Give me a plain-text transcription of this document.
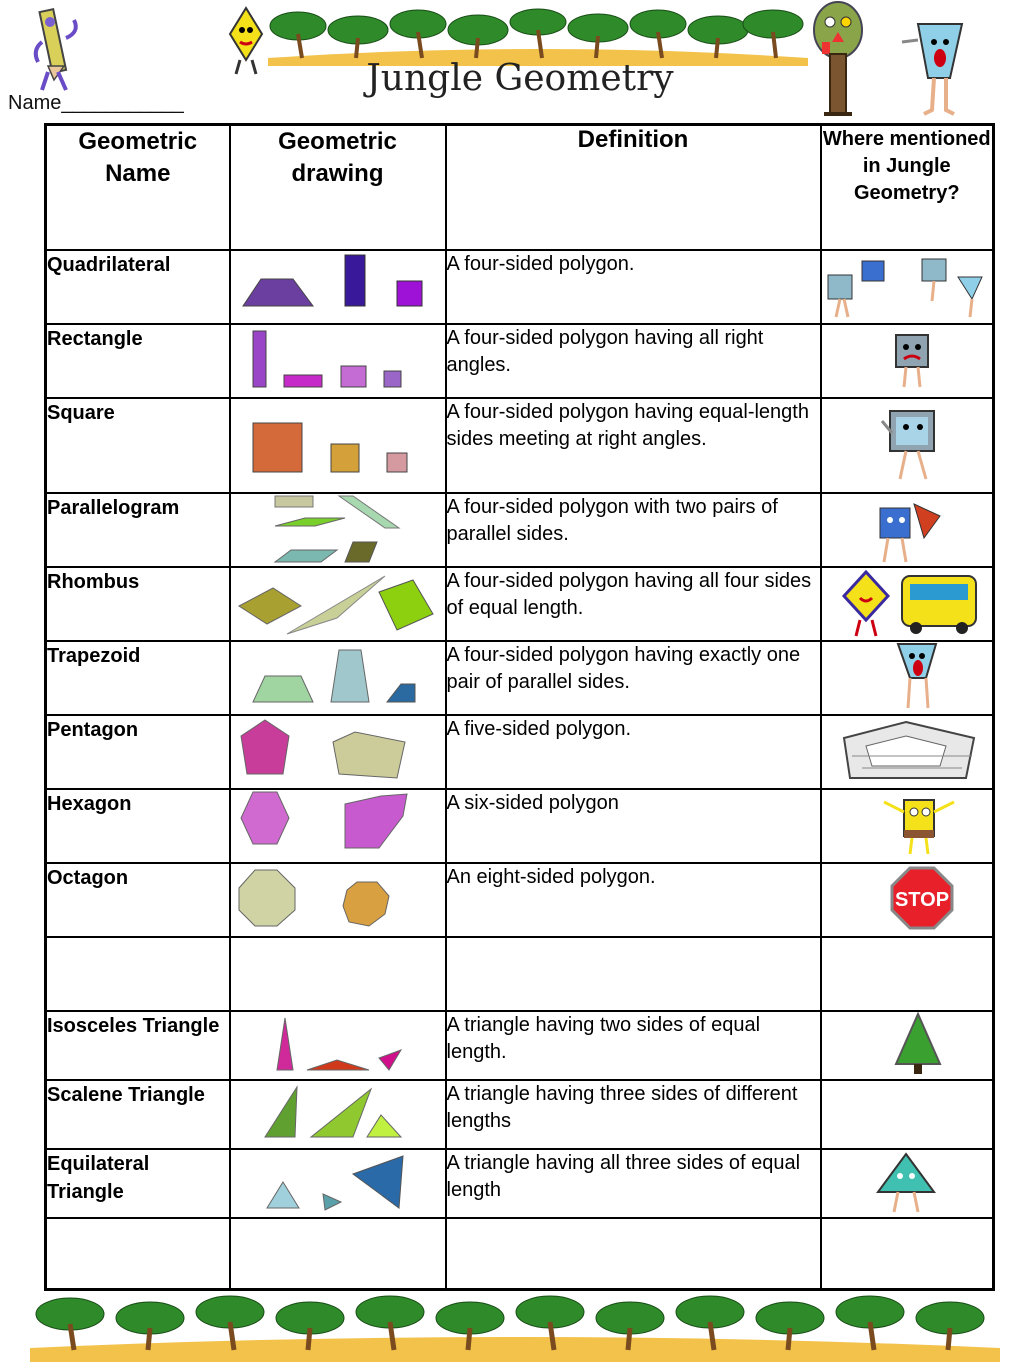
Name___________
Jungle Geometry
Geometric Name	Geometric drawing	Definition	Where mentioned in Jungle Geometry?
Quadrilateral		A four-sided polygon.	

Rectangle		A four-sided polygon having all right angles.	

Square		A four-sided polygon having equal-length sides meeting at right angles.	

Parallelogram		A four-sided polygon with two pairs of parallel sides.	

Rhombus		A four-sided polygon having all four sides of equal length.	

Trapezoid		A four-sided polygon having exactly one pair of parallel sides.	

Pentagon		A five-sided polygon.	

Hexagon		A six-sided polygon	

Octagon		An eight-sided polygon.	STOP

Isosceles Triangle		A triangle having two sides of equal length.	

Scalene Triangle		A triangle having three sides of different lengths	
Equilateral Triangle		A triangle having all three sides of equal length	
